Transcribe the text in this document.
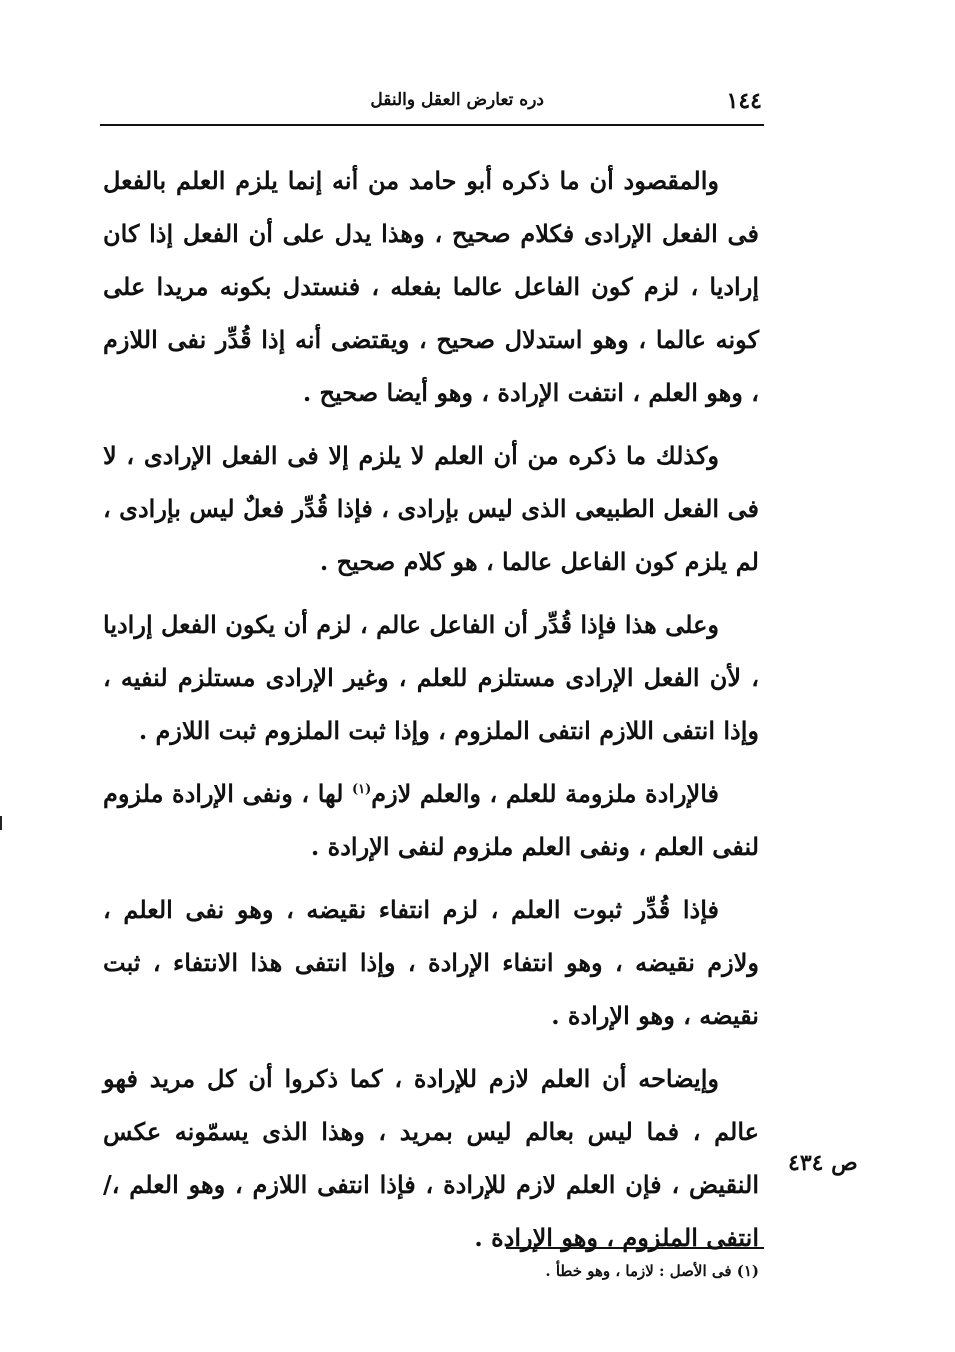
١٤٤
دره تعارض العقل والنقل

والمقصود أن ما ذكره أبو حامد من أنه إنما يلزم العلم بالفعل فى الفعل الإرادى فكلام صحيح ، وهذا يدل على أن الفعل إذا كان إراديا ، لزم كون الفاعل عالما بفعله ، فنستدل بكونه مريدا على كونه عالما ، وهو استدلال صحيح ، ويقتضى أنه إذا قُدِّر نفى اللازم ، وهو العلم ، انتفت الإرادة ، وهو أيضا صحيح .

وكذلك ما ذكره من أن العلم لا يلزم إلا فى الفعل الإرادى ، لا فى الفعل الطبيعى الذى ليس بإرادى ، فإذا قُدِّر فعلٌ ليس بإرادى ، لم يلزم كون الفاعل عالما ، هو كلام صحيح .

وعلى هذا فإذا قُدِّر أن الفاعل عالم ، لزم أن يكون الفعل إراديا ، لأن الفعل الإرادى مستلزم للعلم ، وغير الإرادى مستلزم لنفيه ، وإذا انتفى اللازم انتفى الملزوم ، وإذا ثبت الملزوم ثبت اللازم .

فالإرادة ملزومة للعلم ، والعلم لازم$^{(١)}$ لها ، ونفى الإرادة ملزوم لنفى العلم ، ونفى العلم ملزوم لنفى الإرادة .

فإذا قُدِّر ثبوت العلم ، لزم انتفاء نقيضه ، وهو نفى العلم ، ولازم نقيضه ، وهو انتفاء الإرادة ، وإذا انتفى هذا الانتفاء ، ثبت نقيضه ، وهو الإرادة .

وإيضاحه أن العلم لازم للإرادة ، كما ذكروا أن كل مريد فهو عالم ، فما ليس بعالم ليس بمريد ، وهذا الذى يسمّونه عكس النقيض ، فإن العلم لازم للإرادة ، فإذا انتفى اللازم ، وهو العلم ،/انتفى الملزوم ، وهو الإرادة .

ص ٤٣٤
(١) فى الأصل : لازما ، وهو خطأ .
